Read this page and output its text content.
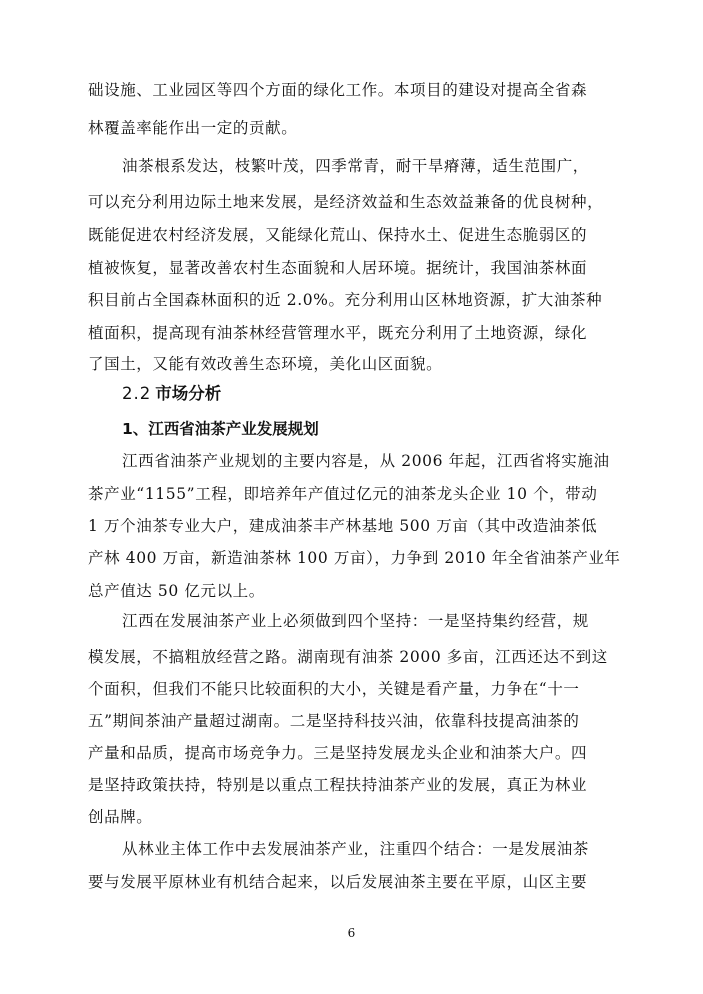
础设施、工业园区等四个方面的绿化工作。本项目的建设对提高全省森
林覆盖率能作出一定的贡献。
油茶根系发达，枝繁叶茂，四季常青，耐干旱瘠薄，适生范围广，
可以充分利用边际土地来发展，是经济效益和生态效益兼备的优良树种，
既能促进农村经济发展，又能绿化荒山、保持水土、促进生态脆弱区的
植被恢复，显著改善农村生态面貌和人居环境。据统计，我国油茶林面
积目前占全国森林面积的近 2.0%。充分利用山区林地资源，扩大油茶种
植面积，提高现有油茶林经营管理水平，既充分利用了土地资源，绿化
了国土，又能有效改善生态环境，美化山区面貌。
2.2 市场分析
1、江西省油茶产业发展规划
江西省油茶产业规划的主要内容是，从 2006 年起，江西省将实施油
茶产业“1155”工程，即培养年产值过亿元的油茶龙头企业 10 个，带动
1 万个油茶专业大户，建成油茶丰产林基地 500 万亩（其中改造油茶低
产林 400 万亩，新造油茶林 100 万亩），力争到 2010 年全省油茶产业年
总产值达 50 亿元以上。
江西在发展油茶产业上必须做到四个坚持：一是坚持集约经营，规
模发展，不搞粗放经营之路。湖南现有油茶 2000 多亩，江西还达不到这
个面积，但我们不能只比较面积的大小，关键是看产量，力争在“十一
五”期间茶油产量超过湖南。二是坚持科技兴油，依靠科技提高油茶的
产量和品质，提高市场竞争力。三是坚持发展龙头企业和油茶大户。四
是坚持政策扶持，特别是以重点工程扶持油茶产业的发展，真正为林业
创品牌。
从林业主体工作中去发展油茶产业，注重四个结合：一是发展油茶
要与发展平原林业有机结合起来，以后发展油茶主要在平原，山区主要
6
